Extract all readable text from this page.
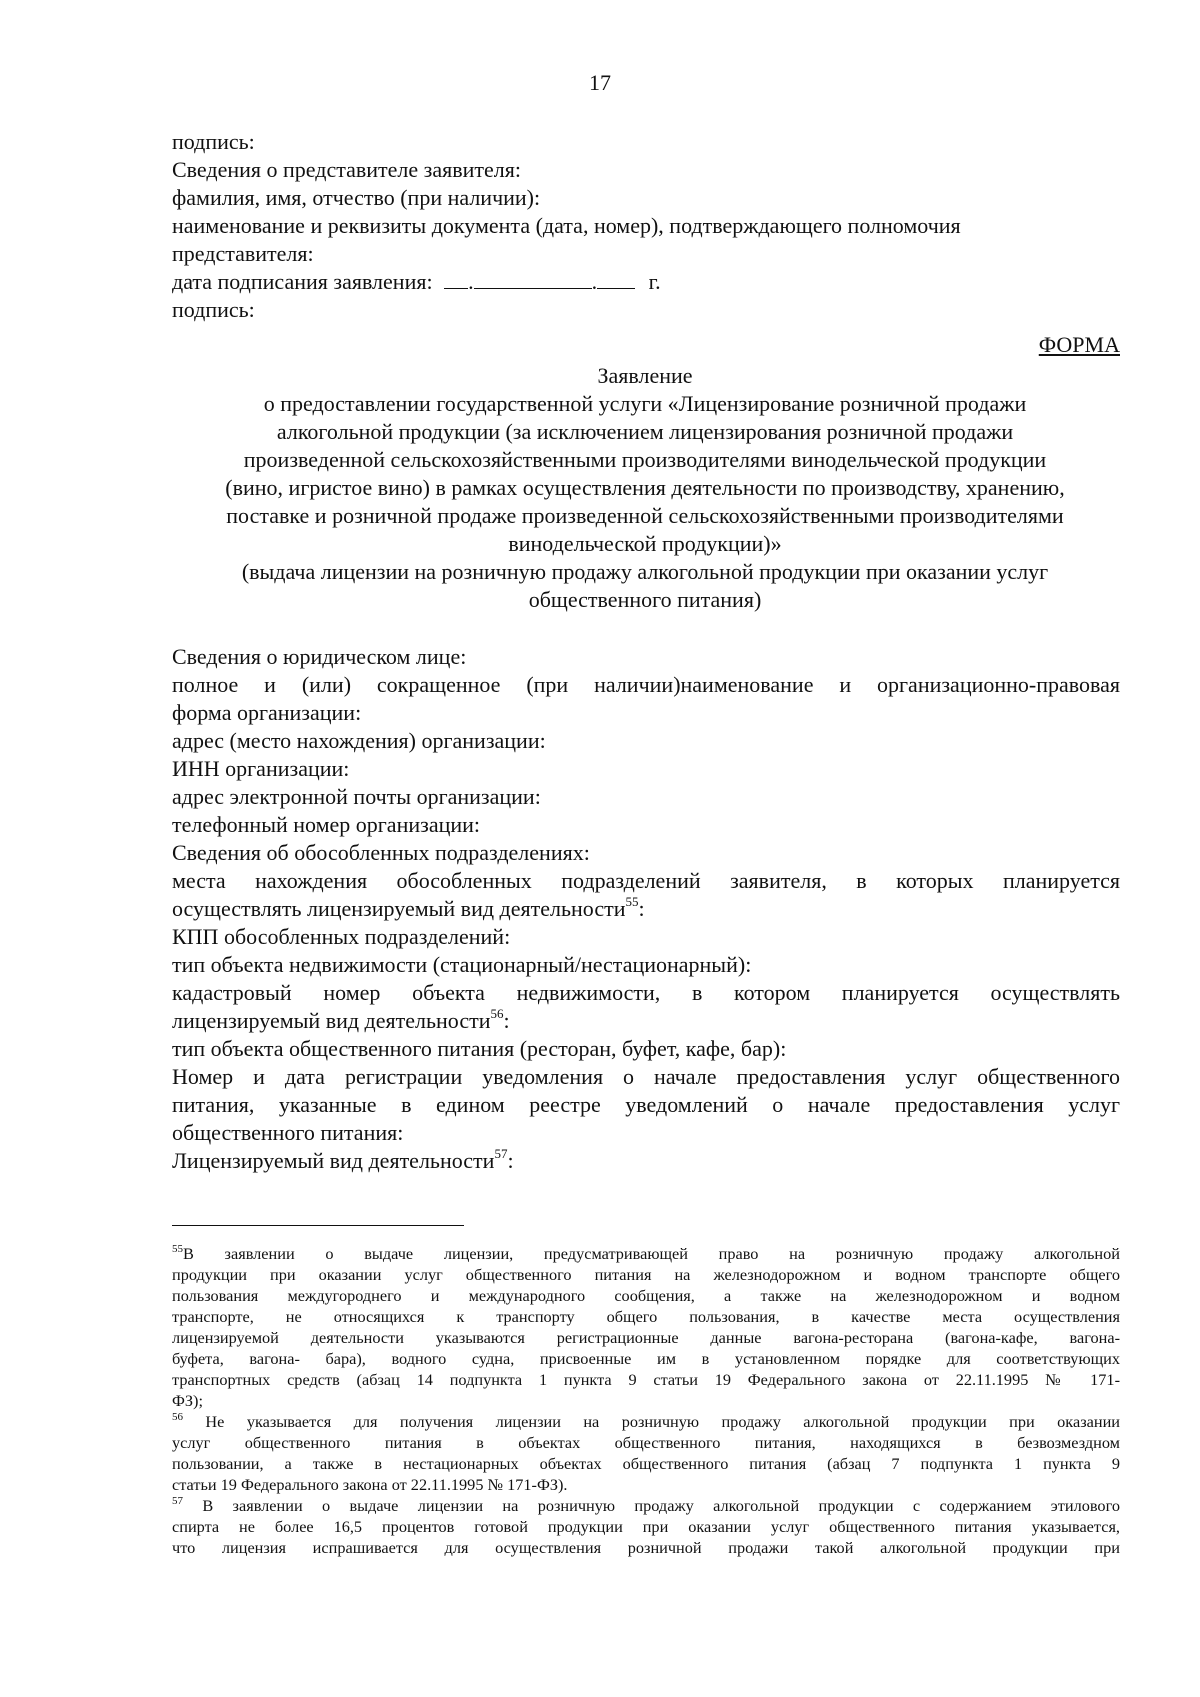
17
подпись:
Сведения о представителе заявителя:
фамилия, имя, отчество (при наличии):
наименование и реквизиты документа (дата, номер), подтверждающего полномочия
представителя:
дата подписания заявления: .	. г.
подпись:
ФОРМА
Заявление
о предоставлении государственной услуги «Лицензирование розничной продажи
алкогольной продукции (за исключением лицензирования розничной продажи
произведенной сельскохозяйственными производителями винодельческой продукции
(вино, игристое вино) в рамках осуществления деятельности по производству, хранению,
поставке и розничной продаже произведенной сельскохозяйственными производителями
винодельческой продукции)»
(выдача лицензии на розничную продажу алкогольной продукции при оказании услуг
общественного питания)
Сведения о юридическом лице:
полное и (или) сокращенное (при наличии)наименование и организационно-правовая
форма организации:
адрес (место нахождения) организации:
ИНН организации:
адрес электронной почты организации:
телефонный номер организации:
Сведения об обособленных подразделениях:
места нахождения обособленных подразделений заявителя, в которых планируется
осуществлять лицензируемый вид деятельности$^{55}$:
КПП обособленных подразделений:
тип объекта недвижимости (стационарный/нестационарный):
кадастровый номер объекта недвижимости, в котором планируется осуществлять
лицензируемый вид деятельности$^{56}$:
тип объекта общественного питания (ресторан, буфет, кафе, бар):
Номер и дата регистрации уведомления о начале предоставления услуг общественного
питания, указанные в едином реестре уведомлений о начале предоставления услуг
общественного питания:
Лицензируемый вид деятельности$^{57}$:
$^{55}$В заявлении о выдаче лицензии, предусматривающей право на розничную продажу алкогольной
продукции при оказании услуг общественного питания на железнодорожном и водном транспорте общего
пользования междугороднего и международного сообщения, а также на железнодорожном и водном
транспорте, не относящихся к транспорту общего пользования, в качестве места осуществления
лицензируемой деятельности указываются регистрационные данные вагона-ресторана (вагона-кафе, вагона-
буфета, вагона- бара), водного судна, присвоенные им в установленном порядке для соответствующих
транспортных средств (абзац 14 подпункта 1 пункта 9 статьи 19 Федерального закона от 22.11.1995 № 171-
ФЗ);
$^{56}$ Не указывается для получения лицензии на розничную продажу алкогольной продукции при оказании
услуг общественного питания в объектах общественного питания, находящихся в безвозмездном
пользовании, а также в нестационарных объектах общественного питания (абзац 7 подпункта 1 пункта 9
статьи 19 Федерального закона от 22.11.1995 № 171-ФЗ).
$^{57}$ В заявлении о выдаче лицензии на розничную продажу алкогольной продукции с содержанием этилового
спирта не более 16,5 процентов готовой продукции при оказании услуг общественного питания указывается,
что лицензия испрашивается для осуществления розничной продажи такой алкогольной продукции при
